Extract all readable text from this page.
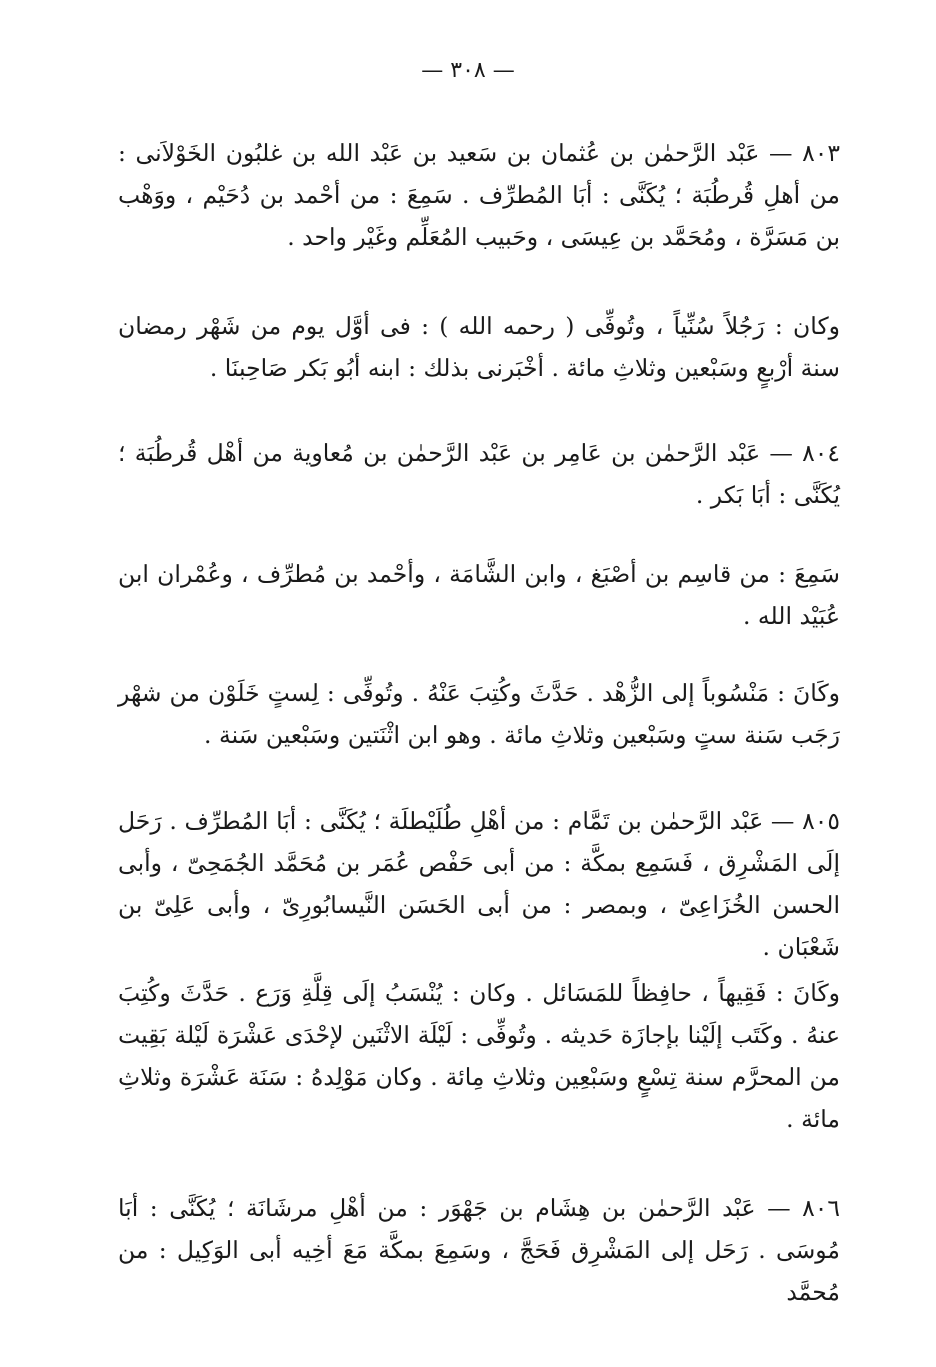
— ٣٠٨ —

٨٠٣ — عَبْد الرَّحمٰن بن عُثمان بن سَعيد بن عَبْد الله بن غلبُون الخَوْلاَنى : من أهلِ قُرطُبَة ؛ يُكَنَّى : أبَا المُطرِّف . سَمِعَ : من أحْمد بن دُحَيْم ، ووَهْب بن مَسَرَّة ، ومُحَمَّد بن عِيسَى ، وحَبيب المُعَلِّم وغَيْر واحد .

وكان : رَجُلاً سُنِّياً ، وتُوفِّى ( رحمه الله ) : فى أوَّل يوم من شَهْر رمضان سنة أرْبعٍ وسَبْعين وثلاثِ مائة . أخْبَرنى بذلك : ابنه أبُو بَكر صَاحِبنَا .

٨٠٤ — عَبْد الرَّحمٰن بن عَامِر بن عَبْد الرَّحمٰن بن مُعاوية من أهْل قُرطُبَة ؛ يُكَنَّى : أبَا بَكر .

سَمِعَ : من قاسِم بن أصْبَغ ، وابن الشَّامَة ، وأحْمد بن مُطرِّف ، وعُمْران ابن عُبَيْد الله .

وكَانَ : مَنْسُوباً إلى الزُّهْد . حَدَّثَ وكُتِبَ عَنْهُ . وتُوفِّى : لِستٍ خَلَوْن من شهْر رَجَب سَنة ستٍ وسَبْعين وثلاثِ مائة . وهو ابن اثْنَتين وسَبْعين سَنة .

٨٠٥ — عَبْد الرَّحمٰن بن تَمَّام : من أهْلِ طُلَيْطلَة ؛ يُكَنَّى : أبَا المُطرِّف . رَحَل إلَى المَشْرِق ، فَسَمِع بمكَّة : من أبى حَفْص عُمَر بن مُحَمَّد الجُمَحِىّ ، وأبى الحسن الخُزَاعِىّ ، وبمصر : من أبى الحَسَن النَّيسابُورِىّ ، وأبى عَلِىّ بن شَعْبَان .

وكَانَ : فَقِيهاً ، حافِظاً للمَسَائل . وكان : يُنْسَبُ إلَى قِلَّةِ وَرَع . حَدَّثَ وكُتِبَ عنهُ . وكَتَب إلَيْنا بإجازَة حَديثه . وتُوفِّى : لَيْلَة الاثْنَين لإحْدَى عَشْرَة لَيْلة بَقِيت من المحرَّم سنة تِسْعٍ وسَبْعِين وثلاثِ مِائة . وكان مَوْلِدهُ : سَنَة عَشْرَة وثلاثِ مائة .

٨٠٦ — عَبْد الرَّحمٰن بن هِشَام بن جَهْوَر : من أهْلِ مرشَانَة ؛ يُكَنَّى : أبَا مُوسَى . رَحَل إلى المَشْرِق فَحَجَّ ، وسَمِعَ بمكَّة مَعَ أخِيه أبى الوَكِيل : من مُحمَّد
